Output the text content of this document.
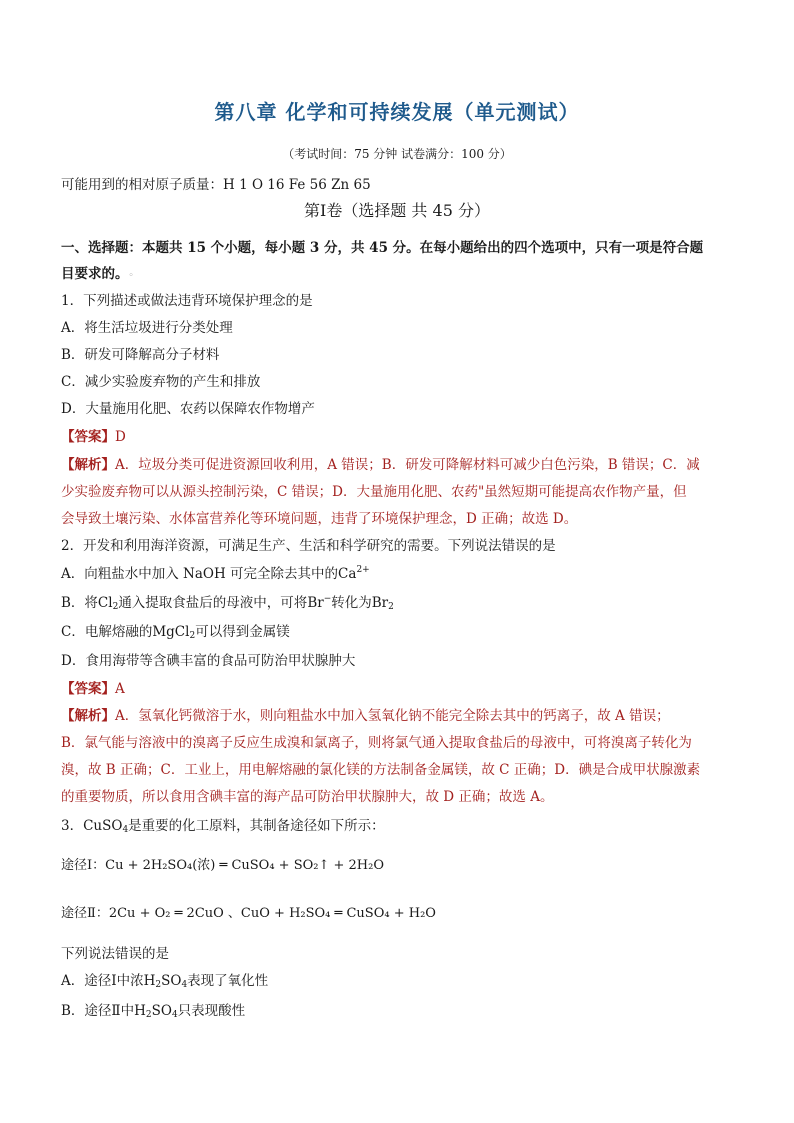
第八章 化学和可持续发展（单元测试）
（考试时间：75 分钟 试卷满分：100 分）
可能用到的相对原子质量：H 1 O 16 Fe 56 Zn 65
第Ⅰ卷（选择题 共 45 分）
一、选择题：本题共 15 个小题，每小题 3 分，共 45 分。在每小题给出的四个选项中，只有一项是符合题
目要求的。◦
1．下列描述或做法违背环境保护理念的是
A．将生活垃圾进行分类处理
B．研发可降解高分子材料
C．减少实验废弃物的产生和排放
D．大量施用化肥、农药以保障农作物增产
【答案】D
【解析】A．垃圾分类可促进资源回收利用，A 错误；B．研发可降解材料可减少白色污染，B 错误；C．减
少实验废弃物可以从源头控制污染，C 错误；D．大量施用化肥、农药"虽然短期可能提高农作物产量，但
会导致土壤污染、水体富营养化等环境问题，违背了环境保护理念，D 正确；故选 D。
2．开发和利用海洋资源，可满足生产、生活和科学研究的需要。下列说法错误的是
A．向粗盐水中加入 NaOH 可完全除去其中的$Ca^{2+}$
B．将$Cl_2$通入提取食盐后的母液中，可将Br−转化为$Br_2$
C．电解熔融的MgCl$_2$可以得到金属镁
D．食用海带等含碘丰富的食品可防治甲状腺肿大
【答案】A
【解析】A．氢氧化钙微溶于水，则向粗盐水中加入氢氧化钠不能完全除去其中的钙离子，故 A 错误；
B．氯气能与溶液中的溴离子反应生成溴和氯离子，则将氯气通入提取食盐后的母液中，可将溴离子转化为
溴，故 B 正确；C．工业上，用电解熔融的氯化镁的方法制备金属镁，故 C 正确；D．碘是合成甲状腺激素
的重要物质，所以食用含碘丰富的海产品可防治甲状腺肿大，故 D 正确；故选 A。
3．CuSO$_4$是重要的化工原料，其制备途径如下所示：
途径Ⅰ：Cu + 2H₂SO₄(浓) ═ CuSO₄ + SO₂↑ + 2H₂O
途径Ⅱ：2Cu + O₂ ═ 2CuO 、CuO + H₂SO₄ ═ CuSO₄ + H₂O
下列说法错误的是
A．途径Ⅰ中浓$H_2SO_4$表现了氧化性
B．途径Ⅱ中$H_2SO_4$只表现酸性
